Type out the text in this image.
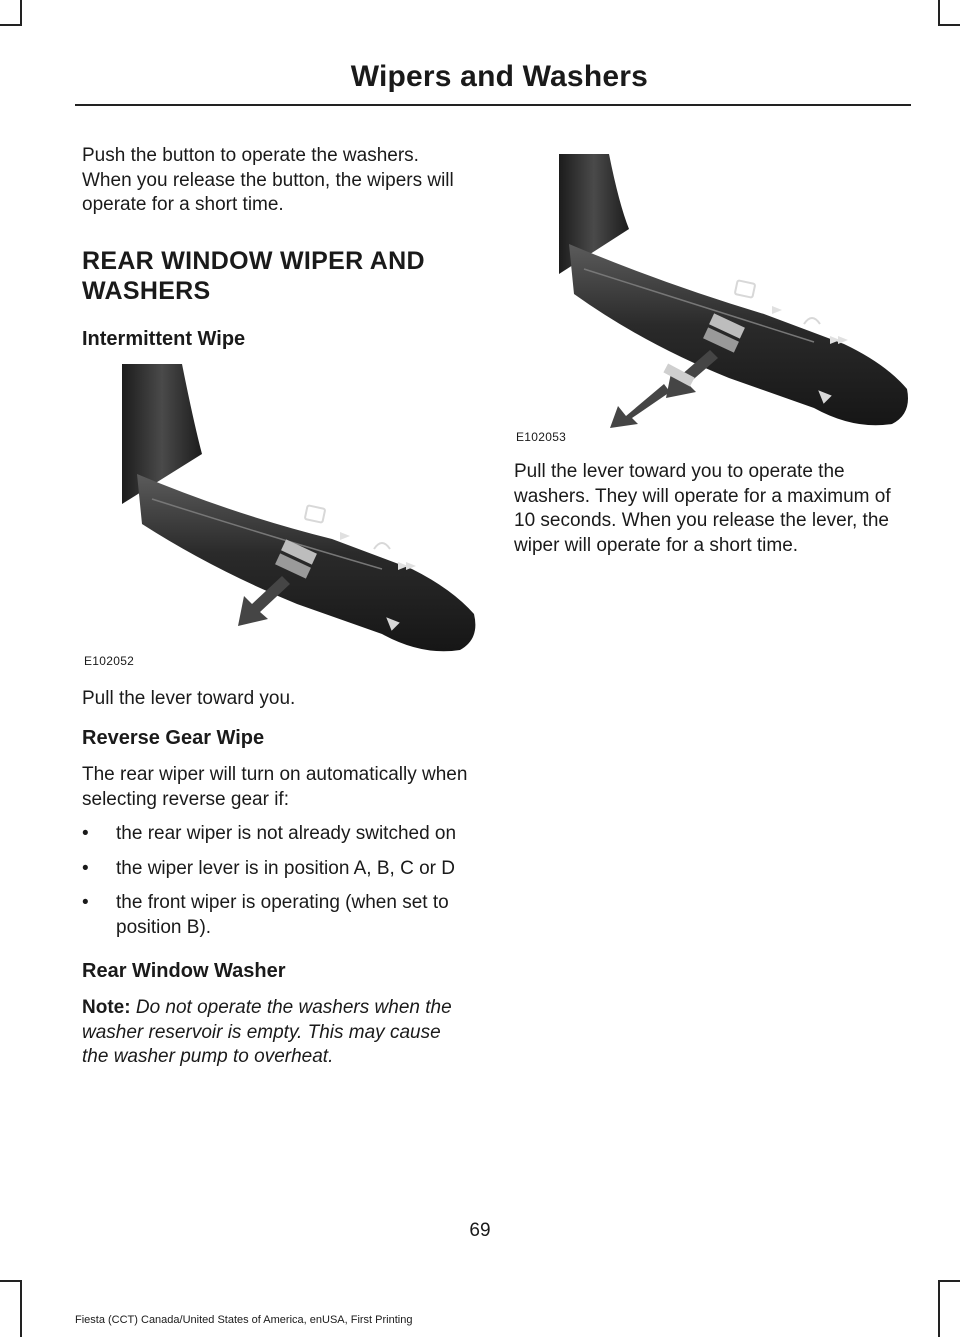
Wipers and Washers

Push the button to operate the washers. When you release the button, the wipers will operate for a short time.

REAR WINDOW WIPER AND
WASHERS
Intermittent Wipe
E102052

Pull the lever toward you.

Reverse Gear Wipe

The rear wiper will turn on automatically when selecting reverse gear if:

• the rear wiper is not already switched on
• the wiper lever is in position A, B, C or D
• the front wiper is operating (when set to position B).
Rear Window Washer

Note: Do not operate the washers when the washer reservoir is empty. This may cause the washer pump to overheat.

E102053

Pull the lever toward you to operate the washers. They will operate for a maximum of 10 seconds. When you release the lever, the wiper will operate for a short time.

69
Fiesta (CCT) Canada/United States of America, enUSA, First Printing
